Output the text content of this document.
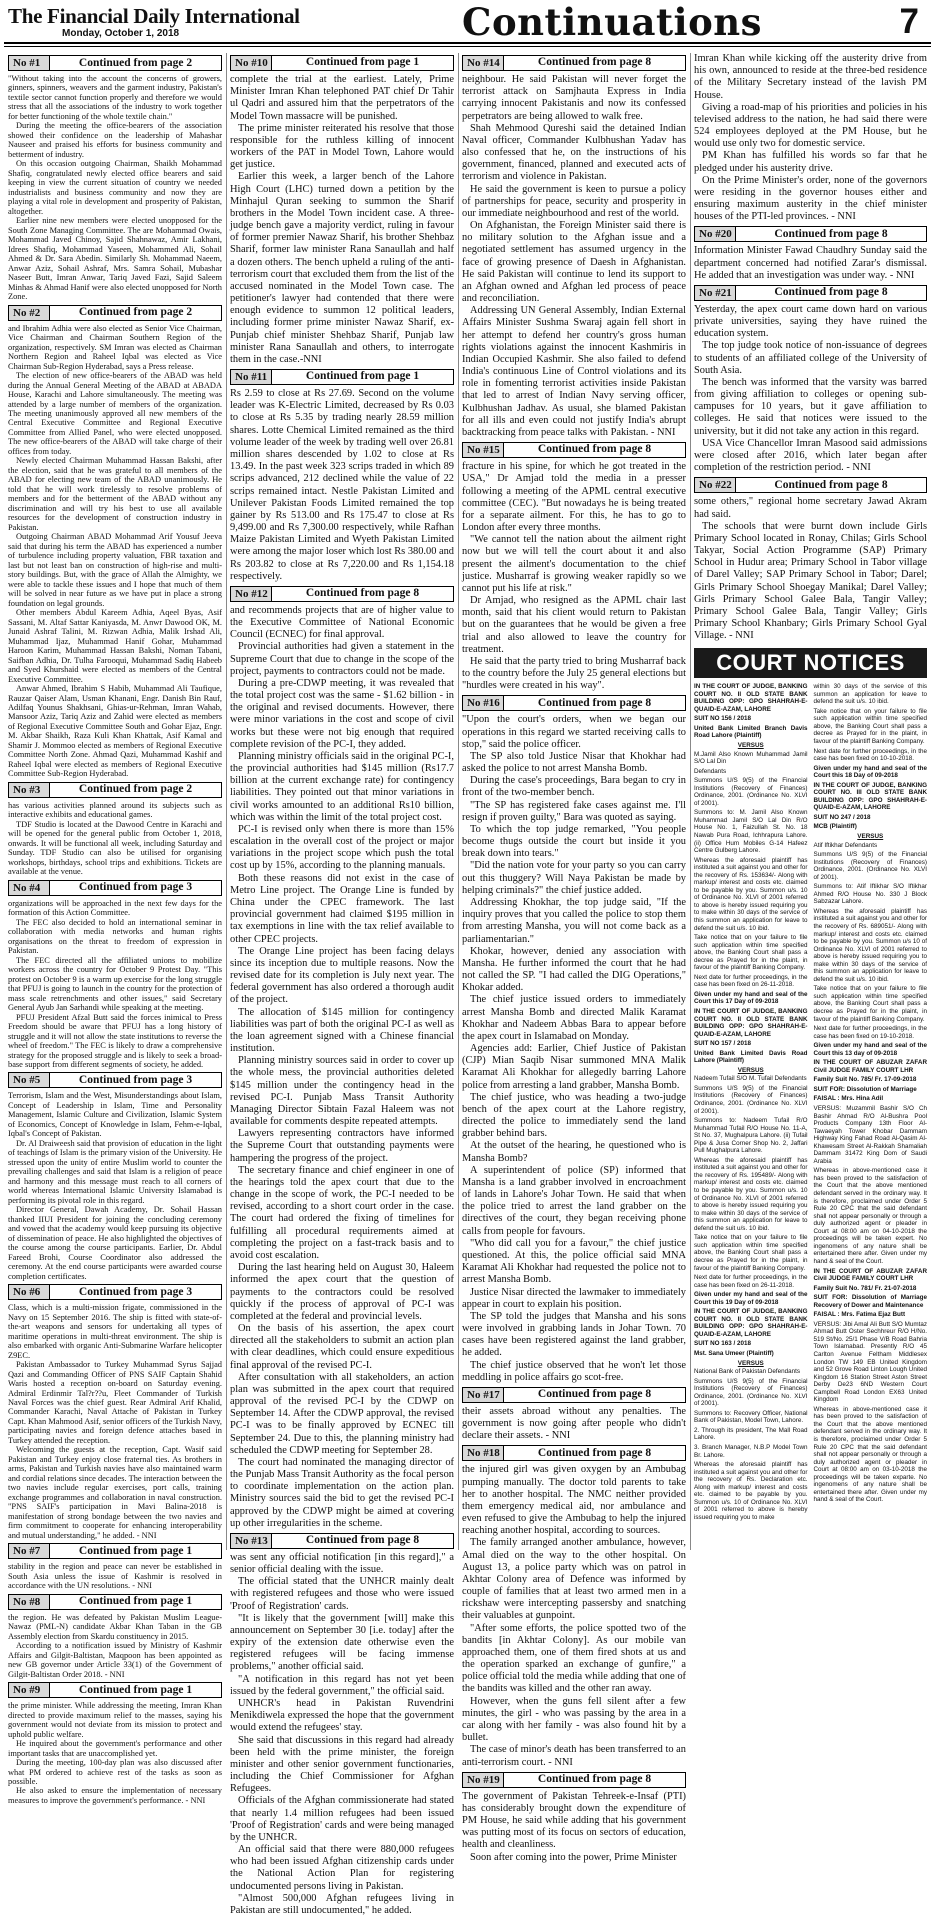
The Financial Daily International
Monday, October 1, 2018	Continuations	7
No #1	Continued from page 2

"Without taking into the account the concerns of growers, ginners, spinners, weavers and the garment industry, Pakistan's textile sector cannot function properly and therefore we would stress that all the associations of the industry to work together for better functioning of the whole textile chain."

During the meeting the office-bearers of the association showed their confidence on the leadership of Mahashar Nauseer and praised his efforts for business community and betterment of industry.

On this occasion outgoing Chairman, Shaikh Mohammad Shafiq, congratulated newly elected office bearers and said keeping in view the current situation of country we needed industrialists and business community and now they are playing a vital role in development and prosperity of Pakistan, altogether.

Earlier nine new members were elected unopposed for the South Zone Managing Committee. The are Mohammad Owais, Mohammad Javed Chinoy, Sajid Shahnawaz, Amir Lakhani, Idrees Shafiq, Mohammad Yaseen, Mohammed Ali, Sohail Ahmed & Dr. Sara Abedin. Similarly Sh. Mohammad Naeem, Anwar Aziz, Sohail Ashraf, Mrs. Samra Sohail, Mubashar Naseer Butt, Imran Anwar, Tariq Javed Fazi, Sajid Saleem Minhas & Ahmad Hanif were also elected unopposed for North Zone.

No #2	Continued from page 2

and Ibrahim Adhia were also elected as Senior Vice Chairman, Vice Chairman and Chairman Southern Region of the organization, respectively. SM Imran was elected as Chairman Northern Region and Raheel Iqbal was elected as Vice Chairman Sub-Region Hyderabad, says a Press release.

The election of new office-bearers of the ABAD was held during the Annual General Meeting of the ABAD at ABADA House, Karachi and Lahore simultaneously. The meeting was attended by a large number of members of the organization. The meeting unanimously approved all new members of the Central Executive Committee and Regional Executive Committee from Allied Panel, who were elected unopposed. The new office-bearers of the ABAD will take charge of their offices from today.

Newly elected Chairman Muhammad Hassan Bakshi, after the election, said that he was grateful to all members of the ABAD for electing new team of the ABAD unanimously. He told that he will work tirelessly to resolve problems of members and for the betterment of the ABAD without any discrimination and will try his best to use all available resources for the development of construction industry in Pakistan.

Outgoing Chairman ABAD Mohammad Arif Yousuf Jeeva said that during his term the ABAD has experienced a number of turbulence including property valuation, FBR taxation and last but not least ban on construction of high-rise and multi-story buildings. But, with the grace of Allah the Almighty, we were able to tackle these issues and I hope that much of them will be solved in near future as we have put in place a strong foundation on legal grounds.

Other members Abdul Kareem Adhia, Aqeel Byas, Asif Sassani, M. Altaf Sattar Kaniyasda, M. Anwr Dawood OK, M. Junaid Ashraf Talini, M. Rizwan Adhia, Malik Irshad Ali, Muhammad Ijaz, Muhammad Hanif Gohar, Muhammad Haroon Karim, Muhammad Hassan Bakshi, Noman Tabani, Saifban Adhia, Dr. Tulha Farooqui, Muhammad Sadiq Habeeb and Syed Khurshaid were elected as members of the Central Executive Committee.

Anwar Ahmed, Ibrahim S Habib, Muhammad Ali Taufique, Rauzar Qaiser Alam, Usman Khanani, Engr. Danish Bin Rauf, Adilfaq Younus Shakhsani, Ghias-ur-Rehman, Imran Wahab, Mansoor Aziz, Tariq Aziz and Zahid were elected as members of Regional Executive Committee South and Gohar Ejaz, Engr. M. Akbar Shaikh, Raza Kuli Khan Khattak, Asif Kamal and Shamir J. Mommoo elected as members of Regional Executive Committee North Zone. Ahmad Qazi, Muhammad Kashif and Raheel Iqbal were elected as members of Regional Executive Committee Sub-Region Hyderabad.

No #3	Continued from page 2

has various activities planned around its subjects such as interactive exhibits and educational games.

TDF Studio is located at the Dawood Centre in Karachi and will be opened for the general public from October 1, 2018, onwards. It will be functional all week, including Saturday and Sunday. TDF Studio can also be utilised for organising workshops, birthdays, school trips and exhibitions. Tickets are available at the venue.

No #4	Continued from page 3

organizations will be approached in the next few days for the formation of this Action Committee.

The FEC also decided to hold an international seminar in collaboration with media networks and human rights organisations on the threat to freedom of expression in Pakistan.

The FEC directed all the affiliated unions to mobilize workers across the country for October 9 Protest Day. "This protest on October 9 is a warm up exercise for the long struggle that PFUJ is going to launch in the country for the protection of mass scale retrenchments and other issues," said Secretary General Ayub Jan Sarhandi while speaking at the meeting.

PFUJ President Afzal Butt said the forces inimical to Press Freedom should be aware that PFUJ has a long history of struggle and it will not allow the state institutions to reverse the wheel of freedom." The FEC is likely to draw a comprehensive strategy for the proposed struggle and is likely to seek a broad-base support from different segments of society, he added.

No #5	Continued from page 3

Terrorism, Islam and the West, Misunderstandings about Islam, Concept of Leadership in Islam, Time and Personality Management, Islamic Culture and Civilization, Islamic System of Economics, Concept of Knowledge in Islam, Fehm-e-Iqbal, Iqbal's Concept of Pakistan.

Dr. Al Draiweesh said that provision of education in the light of teachings of Islam is the primary vision of the University. He stressed upon the unity of entire Muslim world to counter the prevailing challenges and said that Islam is a religion of peace and harmony and this message must reach to all corners of world whereas International Islamic University Islamabad is performing its pivotal role in this regard.

Director General, Dawah Academy, Dr. Sohail Hassan thanked IIUI President for joining the concluding ceremony and vowed that the academy would keep pursuing its objective of dissemination of peace. He also highlighted the objectives of the course among the course participants. Earlier, Dr. Abdul Fareed Brohi, Course Coordinator also addressed the ceremony. At the end course participants were awarded course completion certificates.

No #6	Continued from page 3

Class, which is a multi-mission frigate, commissioned in the Navy on 15 September 2016. The ship is fitted with state-of-the-art weapons and sensors for undertaking all types of maritime operations in multi-threat environment. The ship is also embarked with organic Anti-Submarine Warfare helicopter Z9EC.

Pakistan Ambassador to Turkey Muhammad Syrus Sajjad Qazi and Commanding Officer of PNS SAIF Captain Shahid Waris hosted a reception on-board on Saturday evening. Admiral Erdinmir Tal?r??u, Fleet Commander of Turkish Naval Forces was the chief guest. Rear Admiral Arif Khalid, Commander Karachi, Naval Attache of Pakistan in Turkey Capt. Khan Mahmood Asif, senior officers of the Turkish Navy, participating navies and foreign defence attaches based in Turkey attended the reception.

Welcoming the guests at the reception, Capt. Wasif said Pakistan and Turkey enjoy close fraternal ties. As brothers in arms, Pakistan and Turkish navies have also maintained warm and cordial relations since decades. The interaction between the two navies include regular exercises, port calls, training exchange programmes and collaboration in naval construction. "PNS SAIF's participation in Mavi Balina-2018 is manifestation of strong bondage between the two navies and firm commitment to cooperate for enhancing interoperability and mutual understanding," he added. - NNI

No #7	Continued from page 1

stability in the region and peace can never be established in South Asia unless the issue of Kashmir is resolved in accordance with the UN resolutions. - NNI

No #8	Continued from page 1

the region. He was defeated by Pakistan Muslim League-Nawaz (PML-N) candidate Akbar Khan Taban in the GB Assembly election from Skardu constituency in 2015.

According to a notification issued by Ministry of Kashmir Affairs and Gilgit-Baltistan, Maqpoon has been appointed as new GB governor under Article 33(1) of the Government of Gilgit-Baltistan Order 2018. - NNI

No #9	Continued from page 1

the prime minister. While addressing the meeting, Imran Khan directed to provide maximum relief to the masses, saying his government would not deviate from its mission to protect and uphold public welfare.

He inquired about the government's performance and other important tasks that are unaccomplished yet.

During the meeting, 100-day plan was also discussed after what PM ordered to achieve rest of the tasks as soon as possible.

He also asked to ensure the implementation of necessary measures to improve the government's performance. - NNI

No #10	Continued from page 1

complete the trial at the earliest. Lately, Prime Minister Imran Khan telephoned PAT chief Dr Tahir ul Qadri and assured him that the perpetrators of the Model Town massacre will be punished.

The prime minister reiterated his resolve that those responsible for the ruthless killing of innocent workers of the PAT in Model Town, Lahore would get justice.

Earlier this week, a larger bench of the Lahore High Court (LHC) turned down a petition by the Minhajul Quran seeking to summon the Sharif brothers in the Model Town incident case. A three-judge bench gave a majority verdict, ruling in favour of former premier Nawaz Sharif, his brother Shehbaz Sharif, former law minister Rana Sanaullah and half a dozen others. The bench upheld a ruling of the anti-terrorism court that excluded them from the list of the accused nominated in the Model Town case. The petitioner's lawyer had contended that there were enough evidence to summon 12 political leaders, including former prime minister Nawaz Sharif, ex-Punjab chief minister Shehbaz Sharif, Punjab law minister Rana Sanaullah and others, to interrogate them in the case.-NNI

No #11	Continued from page 1

Rs 2.59 to close at Rs 27.69. Second on the volume leader was K-Electric Limited, decreased by Rs 0.03 to close at Rs 5.35 by trading nearly 28.59 million shares. Lotte Chemical Limited remained as the third volume leader of the week by trading well over 26.81 million shares descended by 1.02 to close at Rs 13.49. In the past week 323 scrips traded in which 89 scrips advanced, 212 declined while the value of 22 scrips remained intact. Nestle Pakistan Limited and Unilever Pakistan Foods Limited remained the top gainer by Rs 513.00 and Rs 175.47 to close at Rs 9,499.00 and Rs 7,300.00 respectively, while Rafhan Maize Pakistan Limited and Wyeth Pakistan Limited were among the major loser which lost Rs 380.00 and Rs 203.82 to close at Rs 7,220.00 and Rs 1,154.18 respectively.

No #12	Continued from page 8

and recommends projects that are of higher value to the Executive Committee of National Economic Council (ECNEC) for final approval.

Provincial authorities had given a statement in the Supreme Court that due to change in the scope of the project, payments to contractors could not be made.

During a pre-CDWP meeting, it was revealed that the total project cost was the same - $1.62 billion - in the original and revised documents. However, there were minor variations in the cost and scope of civil works but these were not big enough that required complete revision of the PC-I, they added.

Planning ministry officials said in the original PC-I, the provincial authorities had $145 million (Rs17.7 billion at the current exchange rate) for contingency liabilities. They pointed out that minor variations in civil works amounted to an additional Rs10 billion, which was within the limit of the total project cost.

PC-I is revised only when there is more than 15% escalation in the overall cost of the project or major variations in the project scope which push the total cost up by 15%, according to the planning manuals.

Both these reasons did not exist in the case of Metro Line project. The Orange Line is funded by China under the CPEC framework. The last provincial government had claimed $195 million in tax exemptions in line with the tax relief available to other CPEC projects.

The Orange Line project has been facing delays since its inception due to multiple reasons. Now the revised date for its completion is July next year. The federal government has also ordered a thorough audit of the project.

The allocation of $145 million for contingency liabilities was part of both the original PC-I as well as the loan agreement signed with a Chinese financial institution.

Planning ministry sources said in order to cover up the whole mess, the provincial authorities deleted $145 million under the contingency head in the revised PC-I. Punjab Mass Transit Authority Managing Director Sibtain Fazal Haleem was not available for comments despite repeated attempts.

Lawyers representing contractors have informed the Supreme Court that outstanding payments were hampering the progress of the project.

The secretary finance and chief engineer in one of the hearings told the apex court that due to the change in the scope of work, the PC-I needed to be revised, according to a short court order in the case. The court had ordered the fixing of timelines for fulfilling all procedural requirements aimed at completing the project on a fast-track basis and to avoid cost escalation.

During the last hearing held on August 30, Haleem informed the apex court that the question of payments to the contractors could be resolved quickly if the process of approval of PC-I was completed at the federal and provincial levels.

On the basis of his assertion, the apex court directed all the stakeholders to submit an action plan with clear deadlines, which could ensure expeditious final approval of the revised PC-I.

After consultation with all stakeholders, an action plan was submitted in the apex court that required approval of the revised PC-I by the CDWP on September 14. After the CDWP approval, the revised PC-I was to be finally approved by ECNEC till September 24. Due to this, the planning ministry had scheduled the CDWP meeting for September 28.

The court had nominated the managing director of the Punjab Mass Transit Authority as the focal person to coordinate implementation on the action plan. Ministry sources said the bid to get the revised PC-I approved by the CDWP might be aimed at covering up other irregularities in the scheme.

No #13	Continued from page 8

was sent any official notification [in this regard]," a senior official dealing with the issue.

The official stated that the UNHCR mainly dealt with registered refugees and those who were issued 'Proof of Registration' cards.

"It is likely that the government [will] make this announcement on September 30 [i.e. today] after the expiry of the extension date otherwise even the registered refugees will be facing immense problems," another official said.

"A notification in this regard has not yet been issued by the federal government," the official said.

UNHCR's head in Pakistan Ruvendrini Menikdiwela expressed the hope that the government would extend the refugees' stay.

She said that discussions in this regard had already been held with the prime minister, the foreign minister and other senior government functionaries, including the Chief Commissioner for Afghan Refugees.

Officials of the Afghan commissionerate had stated that nearly 1.4 million refugees had been issued 'Proof of Registration' cards and were being managed by the UNHCR.

An official said that there were 880,000 refugees who had been issued Afghan citizenship cards under the National Action Plan for registering undocumented persons living in Pakistan.

"Almost 500,000 Afghan refugees living in Pakistan are still undocumented," he added.

No #14	Continued from page 8

neighbour. He said Pakistan will never forget the terrorist attack on Samjhauta Express in India carrying innocent Pakistanis and now its confessed perpetrators are being allowed to walk free.

Shah Mehmood Qureshi said the detained Indian Naval officer, Commander Kulbhushan Yadav has also confessed that he, on the instructions of his government, financed, planned and executed acts of terrorism and violence in Pakistan.

He said the government is keen to pursue a policy of partnerships for peace, security and prosperity in our immediate neighbourhood and rest of the world.

On Afghanistan, the Foreign Minister said there is no military solution to the Afghan issue and a negotiated settlement has assumed urgency in the face of growing presence of Daesh in Afghanistan. He said Pakistan will continue to lend its support to an Afghan owned and Afghan led process of peace and reconciliation.

Addressing UN General Assembly, Indian External Affairs Minister Sushma Swaraj again fell short in her attempt to defend her country's gross human rights violations against the innocent Kashmiris in Indian Occupied Kashmir. She also failed to defend India's continuous Line of Control violations and its role in fomenting terrorist activities inside Pakistan that led to arrest of Indian Navy serving officer, Kulbhushan Jadhav. As usual, she blamed Pakistan for all ills and even could not justify India's abrupt backtracking from peace talks with Pakistan. - NNI

No #15	Continued from page 8

fracture in his spine, for which he got treated in the USA," Dr Amjad told the media in a presser following a meeting of the APML central executive committee (CEC). "But nowadays he is being treated for a separate ailment. For this, he has to go to London after every three months.

"We cannot tell the nation about the ailment right now but we will tell the court about it and also present the ailment's documentation to the chief justice. Musharraf is growing weaker rapidly so we cannot put his life at risk."

Dr Amjad, who resigned as the APML chair last month, said that his client would return to Pakistan but on the guarantees that he would be given a free trial and also allowed to leave the country for treatment.

He said that the party tried to bring Musharraf back to the country before the July 25 general elections but "hurdles were created in his way".

No #16	Continued from page 8

"Upon the court's orders, when we began our operations in this regard we started receiving calls to stop," said the police officer.

The SP also told Justice Nisar that Khokhar had asked the police to not arrest Mansha Bomb.

During the case's proceedings, Bara began to cry in front of the two-member bench.

"The SP has registered fake cases against me. I'll resign if proven guilty," Bara was quoted as saying.

To which the top judge remarked, "You people become thugs outside the court but inside it you break down into tears."

"Did the nation vote for your party so you can carry out this thuggery? Will Naya Pakistan be made by helping criminals?" the chief justice added.

Addressing Khokhar, the top judge said, "If the inquiry proves that you called the police to stop them from arresting Mansha, you will not come back as a parliamentarian."

Khokar, however, denied any association with Mansha. He further informed the court that he had not called the SP. "I had called the DIG Operations," Khokar added.

The chief justice issued orders to immediately arrest Mansha Bomb and directed Malik Karamat Khokhar and Nadeem Abbas Bara to appear before the apex court in Islamabad on Monday.

Agencies add: Earlier, Chief Justice of Pakistan (CJP) Mian Saqib Nisar summoned MNA Malik Karamat Ali Khokhar for allegedly barring Lahore police from arresting a land grabber, Mansha Bomb.

The chief justice, who was heading a two-judge bench of the apex court at the Lahore registry, directed the police to immediately send the land grabber behind bars.

At the outset of the hearing, he questioned who is Mansha Bomb?

A superintendent of police (SP) informed that Mansha is a land grabber involved in encroachment of lands in Lahore's Johar Town. He said that when the police tried to arrest the land grabber on the directives of the court, they began receiving phone calls from people for favours.

"Who did call you for a favour," the chief justice questioned. At this, the police official said MNA Karamat Ali Khokhar had requested the police not to arrest Mansha Bomb.

Justice Nisar directed the lawmaker to immediately appear in court to explain his position.

The SP told the judges that Mansha and his sons were involved in grabbing lands in Johar Town. 70 cases have been registered against the land grabber, he added.

The chief justice observed that he won't let those meddling in police affairs go scot-free.

No #17	Continued from page 8

their assets abroad without any penalties. The government is now going after people who didn't declare their assets. - NNI

No #18	Continued from page 8

the injured girl was given oxygen by an Ambubag pumping manually. The doctor told parents to take her to another hospital. The NMC neither provided them emergency medical aid, nor ambulance and even refused to give the Ambubag to help the injured reaching another hospital, according to sources.

The family arranged another ambulance, however, Amal died on the way to the other hospital. On August 13, a police party which was on patrol in Akhtar Colony area of Defence was informed by couple of families that at least two armed men in a rickshaw were intercepting passersby and snatching their valuables at gunpoint.

"After some efforts, the police spotted two of the bandits [in Akhtar Colony]. As our mobile van approached them, one of them fired shots at us and the operation sparked an exchange of gunfire," a police official told the media while adding that one of the bandits was killed and the other ran away.

However, when the guns fell silent after a few minutes, the girl - who was passing by the area in a car along with her family - was also found hit by a bullet.

The case of minor's death has been transferred to an anti-terrorism court. - NNI

No #19	Continued from page 8

The government of Pakistan Tehreek-e-Insaf (PTI) has considerably brought down the expenditure of PM House, he said while adding that his government was putting most of its focus on sectors of education, health and cleanliness.

Soon after coming into the power, Prime Minister

Imran Khan while kicking off the austerity drive from his own, announced to reside at the three-bed residence of the Military Secretary instead of the lavish PM House.

Giving a road-map of his priorities and policies in his televised address to the nation, he had said there were 524 employees deployed at the PM House, but he would use only two for domestic service.

PM Khan has fulfilled his words so far that he pledged under his austerity drive.

On the Prime Minister's order, none of the governors were residing in the governor houses either and ensuring maximum austerity in the chief minister houses of the PTI-led provinces. - NNI

No #20	Continued from page 8

Information Minister Fawad Chaudhry Sunday said the department concerned had notified Zarar's dismissal. He added that an investigation was under way. - NNI

No #21	Continued from page 8

Yesterday, the apex court came down hard on various private universities, saying they have ruined the education system.

The top judge took notice of non-issuance of degrees to students of an affiliated college of the University of South Asia.

The bench was informed that the varsity was barred from giving affiliation to colleges or opening sub-campuses for 10 years, but it gave affiliation to colleges. He said that notices were issued to the university, but it did not take any action in this regard.

USA Vice Chancellor Imran Masood said admissions were closed after 2016, which later began after completion of the restriction period. - NNI

No #22	Continued from page 8

some others," regional home secretary Jawad Akram had said.

The schools that were burnt down include Girls Primary School located in Ronay, Chilas; Girls School Takyar, Social Action Programme (SAP) Primary School in Hudur area; Primary School in Tabor village of Darel Valley; SAP Primary School in Tabor; Darel; Girls Primary School Shoegay Manikal; Darel Valley; Girls Primary School Galee Bala, Tangir Valley; Primary School Galee Bala, Tangir Valley; Girls Primary School Khanbary; Girls Primary School Gyal Village. - NNI

COURT NOTICES

IN THE COURT OF JUDGE, BANKING COURT NO. II OLD STATE BANK BUILDING OPP: GPO SHAHRAH-E-QUAID-E-AZAM, LAHORE

SUIT NO 156 / 2018

United Bank Limited Branch Davis Road Lahore (Plaintiff)

VERSUS

M.Jamil Also Known Muhammad Jamil S/O Lal Din

Defendants

Summons U/S 9(5) of the Financial Institutions (Recovery of Finances) Ordinance, 2001. (Ordinance No. XLVI of 2001).

Summons to: M. Jamil Also Known Muhammad Jamil S/O Lal Din R/O House No. 1, Faizullah St. No. 18 Nawab Pura Road, Ichhrapura Lahore. (ii) Office Hum Mobiles G-14 Hafeez Centre Gulberg Lahore.

Whereas the aforesaid plaintiff has instituted a suit against you and other for the recovery of Rs. 153634/- Along with markup/ interest and costs etc. claimed to be payable by you. Summon u/s. 10 of Ordinance No. XLVI of 2001 referred to above is hereby issued requiring you to make within 30 days of the service of this summon an application for leave to defend the suit u/s. 10 ibid.

Take notice that on your failure to file such application within time specified above, the Banking Court shall pass a decree as Prayed for in the plaint, in favour of the plaintiff Banking Company.

Next date for further proceedings, in the case has been fixed on 26-11-2018.

Given under my hand and seal of the Court this 17 Day of 09-2018

IN THE COURT OF JUDGE, BANKING COURT NO. II OLD STATE BANK BUILDING OPP: GPO SHAHRAH-E-QUAID-E-AZAM, LAHORE

SUIT NO 157 / 2018

United Bank Limited Davis Road Lahore (Plaintiff)

VERSUS

Nadeem Tufail S/O M. Tufail Defendants

Summons U/S 9(5) of the Financial Institutions (Recovery of Finances) Ordinance, 2001. (Ordinance No. XLVI of 2001).

Summons to: Nadeem Tufail R/O Muhammad Tufail R/O House No. 11-A, St No. 37, Mughalpura Lahore. (ii) Tufail Pipe & Jusa Corner Shop No. 2, Jaffari Pull Mughalpura Lahore.

Whereas the aforesaid plaintiff has instituted a suit against you and other for the recovery of Rs. 195489/- Along with markup/ interest and costs etc. claimed to be payable by you. Summon u/s. 10 of Ordinance No. XLVI of 2001 referred to above is hereby issued requiring you to make within 30 days of the service of this summon an application for leave to defend the suit u/s. 10 ibid.

Take notice that on your failure to file such application within time specified above, the Banking Court shall pass a decree as Prayed for in the plaint, in favour of the plaintiff Banking Company.

Next date for further proceedings, in the case has been fixed on 26-11-2018.

Given under my hand and seal of the Court this 19 Day of 09-2018

IN THE COURT OF JUDGE, BANKING COURT NO. II OLD STATE BANK BUILDING OPP: GPO SHAHRAH-E-QUAID-E-AZAM, LAHORE

SUIT NO 163 / 2018

Mst. Sana Umeer (Plaintiff)

VERSUS

National Bank of Pakistan Defendants

Summons U/S 9(5) of the Financial Institutions (Recovery of Finances) Ordinance, 2001. (Ordinance No. XLVI of 2001).

Summons to: Recovery Officer, National Bank of Pakistan, Model Town, Lahore.

2. Through its president, The Mall Road Lahore.

3. Branch Manager, N.B.P Model Town Br. Lahore.

Whereas the aforesaid plaintiff has instituted a suit against you and other for the recovery of Rs. Declaration etc. Along with markup/ interest and costs etc. claimed to be payable by you. Summon u/s. 10 of Ordinance No. XLVI of 2001 referred to above is hereby issued requiring you to make

within 30 days of the service of this summon an application for leave to defend the suit u/s. 10 ibid.

Take notice that on your failure to file such application within time specified above, the Banking Court shall pass a decree as Prayed for in the plaint, in favour of the plaintiff Banking Company.

Next date for further proceedings, in the case has been fixed on 10-10-2018.

Given under my hand and seal of the Court this 18 Day of 09-2018

IN THE COURT OF JUDGE, BANKING COURT NO. III OLD STATE BANK BUILDING OPP: GPO SHAHRAH-E-QUAID-E-AZAM, LAHORE

SUIT NO 247 / 2018

MCB (Plaintiff)

VERSUS

Atif Iftikhar Defendants

Summons U/S 9(5) of the Financial Institutions (Recovery of Finances) Ordinance, 2001. (Ordinance No. XLVI of 2001).

Summons to: Atif Iftikhar S/O Iftikhar Ahmed R/O House No. 330 J Block Sabzazar Lahore.

Whereas the aforesaid plaintiff has instituted a suit against you and other for the recovery of Rs. 689051/- Along with markup/ interest and costs etc. claimed to be payable by you. Summon u/s 10 of Ordinance No. XLVI of 2001 referred to above is hereby issued requiring you to make within 30 days of the service of this summon an application for leave to defend the suit u/s. 10 ibid.

Take notice that on your failure to file such application within time specified above, the Banking Court shall pass a decree as Prayed for in the plaint, in favour of the plaintiff Banking Company.

Next date for further proceedings, in the case has been fixed on 19-10-2018.

Given under my hand and seal of the Court this 13 day of 09-2018

IN THE COURT OF ABUZAR ZAFAR Civil JUDGE FAMILY COURT LHR

Family Suit No. 785/ Fr. 17-09-2018

SUIT FOR: Dissolution of Marriage

FAISAL : Mrs. Hina Adil

VERSUS: Muzammil Bashir S/O Ch Bashir Ahmad R/O Al-Bushra Pool Products Company 13th Floor Al-Tawaeyah Tower Khobar Dammam Highway King Fahad Road Al-Qasim Al-Khawesam Street Al-Rakkah Shamaliah Dammam 31472 King Dom of Saudi Arabia

Whereas in above-mentioned case it has been proved to the satisfaction of the Court that the above mentioned defendant served in the ordinary way. It is therefore, proclaimed under Order 5 Rule 20 CPC that the said defendant shall not appear personally or through a duly authorized agent or pleader in Court at 08:00 am on 04-10-2018 the proceedings will be taken expert. No ingenomens of any nature shall be entertained there after. Given under my hand & seal of the Court.

IN THE COURT OF ABUZAR ZAFAR Civil JUDGE FAMILY COURT LHR

Family Suit No. 781/ Fr. 21-07-2018

SUIT FOR: Dissolution of Marriage Recovery of Dower and Maintenance

FAISAL : Mrs. Fatima Ejaz Butt

VERSUS: Jibi Amal Ali Butt S/O Mumtaz Ahmad Butt Oster Sechhreur R/O H/No. 519 St/No. 25/1 Phase V/B Road Bahria Town Islamabad. Presently R/O 45 Carlton Avenue Feltham Middlesex London TW 149 EB United Kingdom and 52 Grove Road Linton Lough United Kingdom 16 Station Street Aston Street Derby De23 6ND Western Court Campbell Road London EX63 United Kingdom

Whereas in above-mentioned case it has been proved to the satisfaction of the Court that the above mentioned defendant served in the ordinary way. It is therefore, proclaimed under Order 5 Rule 20 CPC that the said defendant shall not appear personally or through a duly authorized agent or pleader in Court at 08:00 am on 03-10-2018 the proceedings will be taken exparte. No ingenomens of any nature shall be entertained there after. Given under my hand & seal of the Court.
